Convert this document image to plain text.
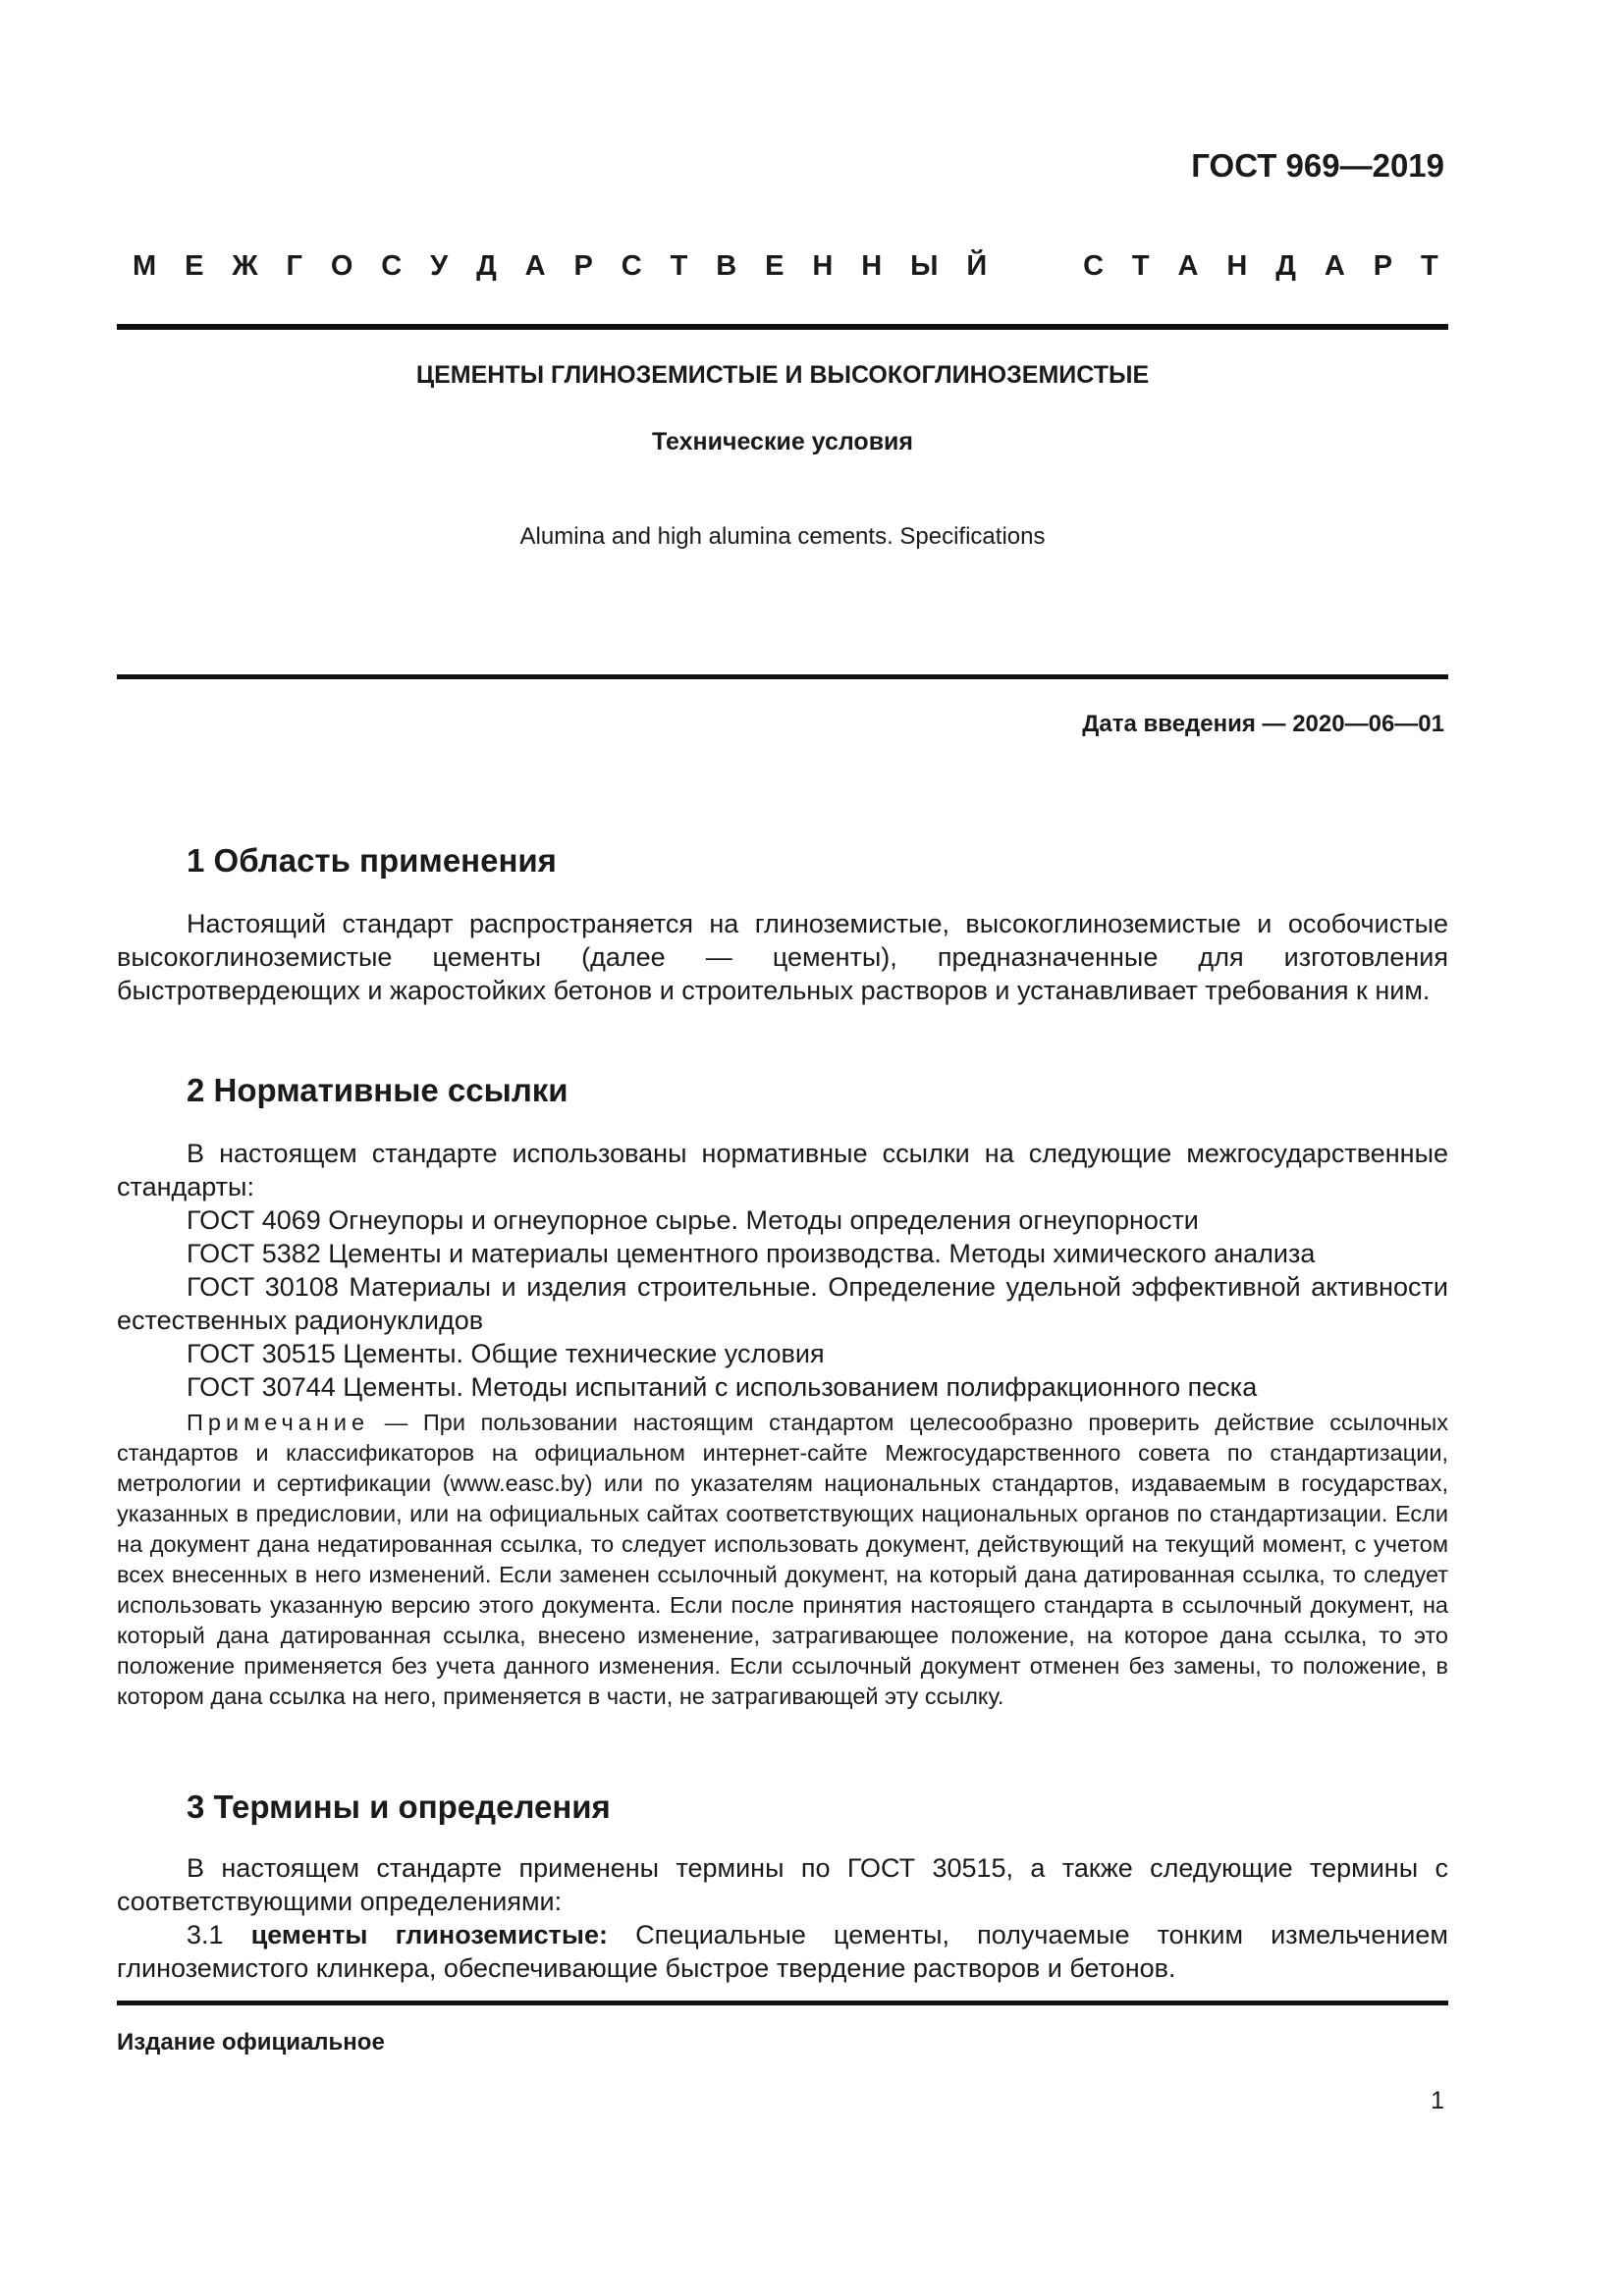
ГОСТ 969—2019
М Е Ж Г О С У Д А Р С Т В Е Н Н Ы Й
	С Т А Н Д А Р Т
ЦЕМЕНТЫ ГЛИНОЗЕМИСТЫЕ И ВЫСОКОГЛИНОЗЕМИСТЫЕ
Технические условия
Alumina and high alumina cements. Specifications
Дата введения — 2020—06—01
1 Область применения

Настоящий стандарт распространяется на глиноземистые, высокоглиноземистые и особочистые высокоглиноземистые цементы (далее — цементы), предназначенные для изготовления быстротвердеющих и жаростойких бетонов и строительных растворов и устанавливает требования к ним.

2 Нормативные ссылки

В настоящем стандарте использованы нормативные ссылки на следующие межгосударственные стандарты:

ГОСТ 4069 Огнеупоры и огнеупорное сырье. Методы определения огнеупорности
ГОСТ 5382 Цементы и материалы цементного производства. Методы химического анализа
ГОСТ 30108 Материалы и изделия строительные. Определение удельной эффективной активности естественных радионуклидов
ГОСТ 30515 Цементы. Общие технические условия
ГОСТ 30744 Цементы. Методы испытаний с использованием полифракционного песка

Примечание — При пользовании настоящим стандартом целесообразно проверить действие ссылочных стандартов и классификаторов на официальном интернет-сайте Межгосударственного совета по стандартизации, метрологии и сертификации (www.easc.by) или по указателям национальных стандартов, издаваемым в государствах, указанных в предисловии, или на официальных сайтах соответствующих национальных органов по стандартизации. Если на документ дана недатированная ссылка, то следует использовать документ, действующий на текущий момент, с учетом всех внесенных в него изменений. Если заменен ссылочный документ, на который дана датированная ссылка, то следует использовать указанную версию этого документа. Если после принятия настоящего стандарта в ссылочный документ, на который дана датированная ссылка, внесено изменение, затрагивающее положение, на которое дана ссылка, то это положение применяется без учета данного изменения. Если ссылочный документ отменен без замены, то положение, в котором дана ссылка на него, применяется в части, не затрагивающей эту ссылку.

3 Термины и определения

В настоящем стандарте применены термины по ГОСТ 30515, а также следующие термины с соответствующими определениями:

3.1 цементы глиноземистые: Специальные цементы, получаемые тонким измельчением глиноземистого клинкера, обеспечивающие быстрое твердение растворов и бетонов.

Издание официальное
1
